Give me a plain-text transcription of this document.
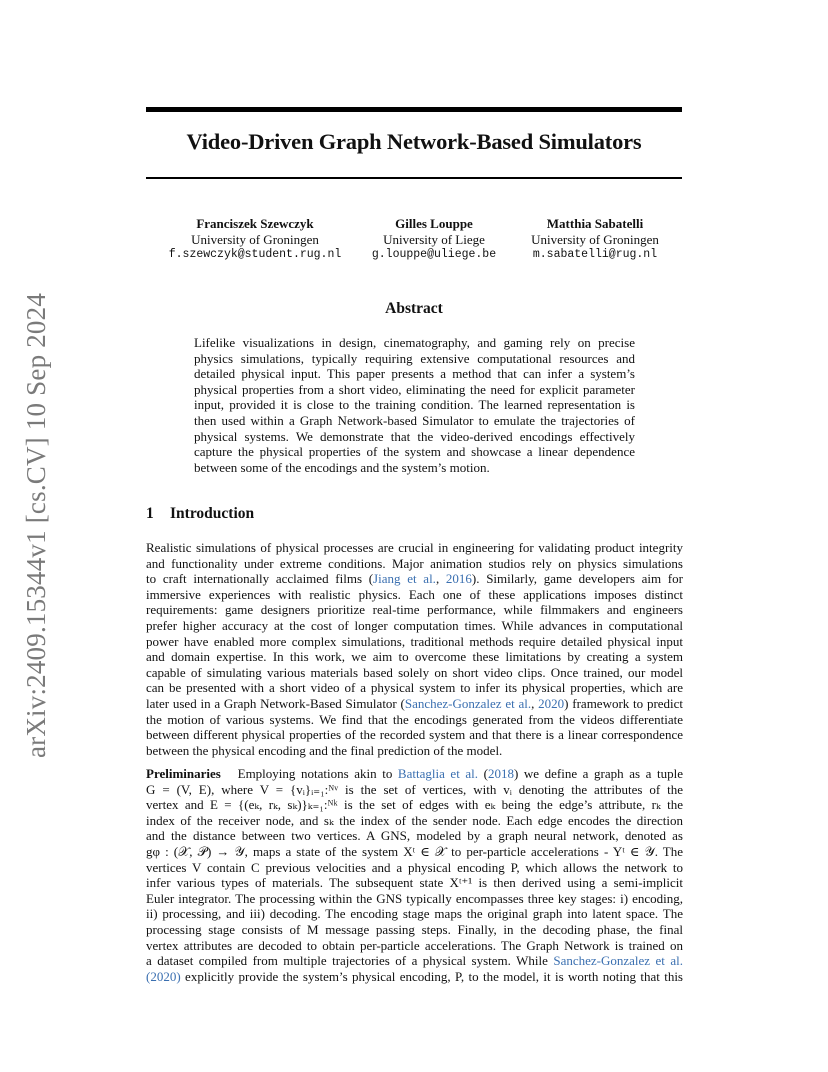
arXiv:2409.15344v1 [cs.CV] 10 Sep 2024
Video-Driven Graph Network-Based Simulators
Franciszek Szewczyk
University of Groningen
f.szewczyk@student.rug.nl
Gilles Louppe
University of Liege
g.louppe@uliege.be
Matthia Sabatelli
University of Groningen
m.sabatelli@rug.nl
Abstract
Lifelike visualizations in design, cinematography, and gaming rely on precise
physics simulations, typically requiring extensive computational resources and
detailed physical input. This paper presents a method that can infer a system’s
physical properties from a short video, eliminating the need for explicit parameter
input, provided it is close to the training condition. The learned representation is
then used within a Graph Network-based Simulator to emulate the trajectories of
physical systems. We demonstrate that the video-derived encodings effectively
capture the physical properties of the system and showcase a linear dependence
between some of the encodings and the system’s motion.
1 Introduction
Realistic simulations of physical processes are crucial in engineering for validating product integrity
and functionality under extreme conditions. Major animation studios rely on physics simulations
to craft internationally acclaimed films (Jiang et al., 2016). Similarly, game developers aim for
immersive experiences with realistic physics. Each one of these applications imposes distinct
requirements: game designers prioritize real-time performance, while filmmakers and engineers
prefer higher accuracy at the cost of longer computation times. While advances in computational
power have enabled more complex simulations, traditional methods require detailed physical input
and domain expertise. In this work, we aim to overcome these limitations by creating a system
capable of simulating various materials based solely on short video clips. Once trained, our model
can be presented with a short video of a physical system to infer its physical properties, which are
later used in a Graph Network-Based Simulator (Sanchez-Gonzalez et al., 2020) framework to predict
the motion of various systems. We find that the encodings generated from the videos differentiate
between different physical properties of the recorded system and that there is a linear correspondence
between the physical encoding and the final prediction of the model.
Preliminaries Employing notations akin to Battaglia et al. (2018) we define a graph as a tuple
G = (V, E), where V = {vᵢ}ᵢ₌₁:ᴺᵛ is the set of vertices, with vᵢ denoting the attributes of the
vertex and E = {(eₖ, rₖ, sₖ)}ₖ₌₁:ᴺᵏ is the set of edges with eₖ being the edge’s attribute, rₖ the
index of the receiver node, and sₖ the index of the sender node. Each edge encodes the direction
and the distance between two vertices. A GNS, modeled by a graph neural network, denoted as
gφ : (𝒳, 𝒫) → 𝒴, maps a state of the system Xᵗ ∈ 𝒳 to per-particle accelerations - Yᵗ ∈ 𝒴. The
vertices V contain C previous velocities and a physical encoding P, which allows the network to
infer various types of materials. The subsequent state Xᵗ⁺¹ is then derived using a semi-implicit
Euler integrator. The processing within the GNS typically encompasses three key stages: i) encoding,
ii) processing, and iii) decoding. The encoding stage maps the original graph into latent space. The
processing stage consists of M message passing steps. Finally, in the decoding phase, the final
vertex attributes are decoded to obtain per-particle accelerations. The Graph Network is trained on
a dataset compiled from multiple trajectories of a physical system. While Sanchez-Gonzalez et al.
(2020) explicitly provide the system’s physical encoding, P, to the model, it is worth noting that this
